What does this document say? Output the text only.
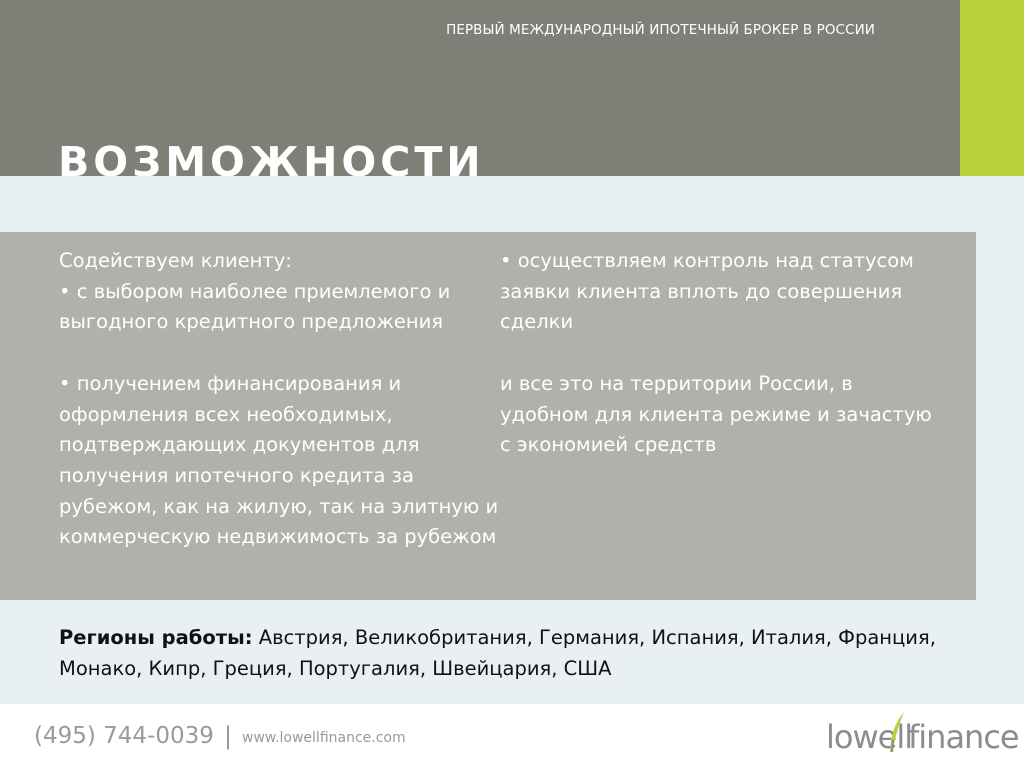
ПЕРВЫЙ МЕЖДУНАРОДНЫЙ ИПОТЕЧНЫЙ БРОКЕР В РОССИИ
ВОЗМОЖНОСТИ

Содействуем клиенту:

• с выбором наиболее приемлемого и выгодного кредитного предложения

• получением финансирования и оформления всех необходимых, подтверждающих документов для получения ипотечного кредита за рубежом, как на жилую, так на элитную и коммерческую недвижимость за рубежом

• осуществляем контроль над статусом заявки клиента вплоть до совершения сделки

и все это на территории России, в удобном для клиента режиме и зачастую с экономией средств

Регионы работы: Австрия, Великобритания, Германия, Испания, Италия, Франция, Монако, Кипр, Греция, Португалия, Швейцария, США
(495) 744-0039 | www.lowellfinance.com	lowell
finance
